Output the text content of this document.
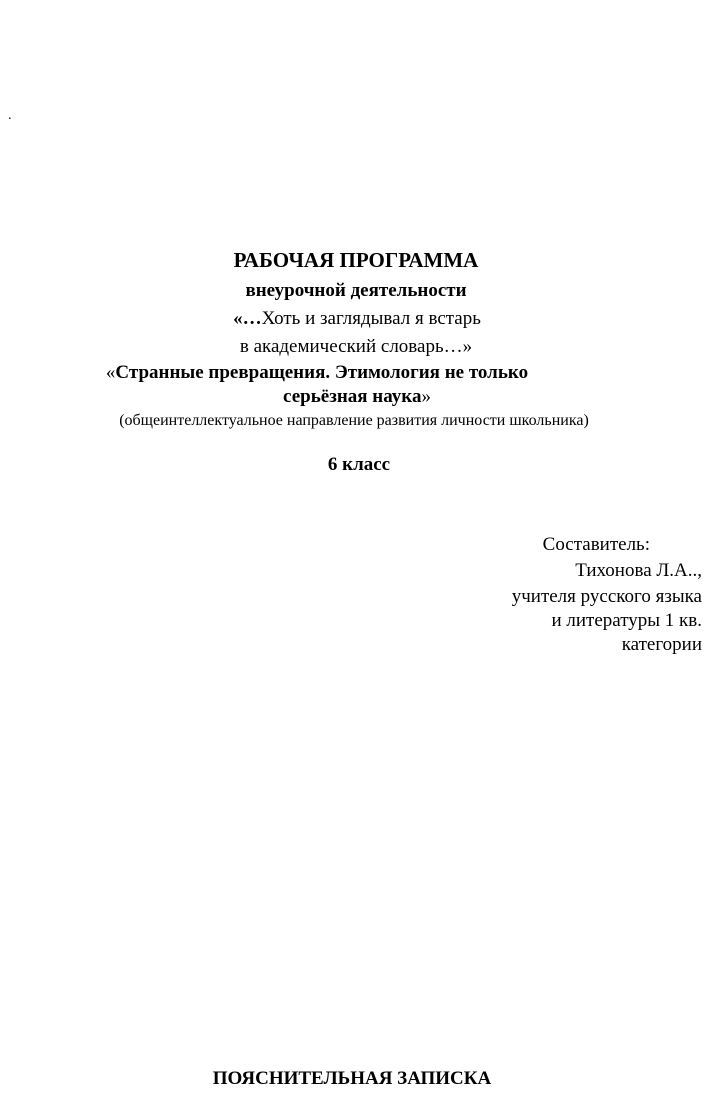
.
РАБОЧАЯ ПРОГРАММА
внеурочной деятельности
«…Хоть и заглядывал я встарь
в академический словарь…»
«Странные превращения. Этимология не только
серьёзная наука»
(общеинтеллектуальное направление развития личности школьника)
6 класс
Составитель:
Тихонова Л.А..,
учителя русского языка
и литературы 1 кв.
категории
ПОЯСНИТЕЛЬНАЯ ЗАПИСКА
